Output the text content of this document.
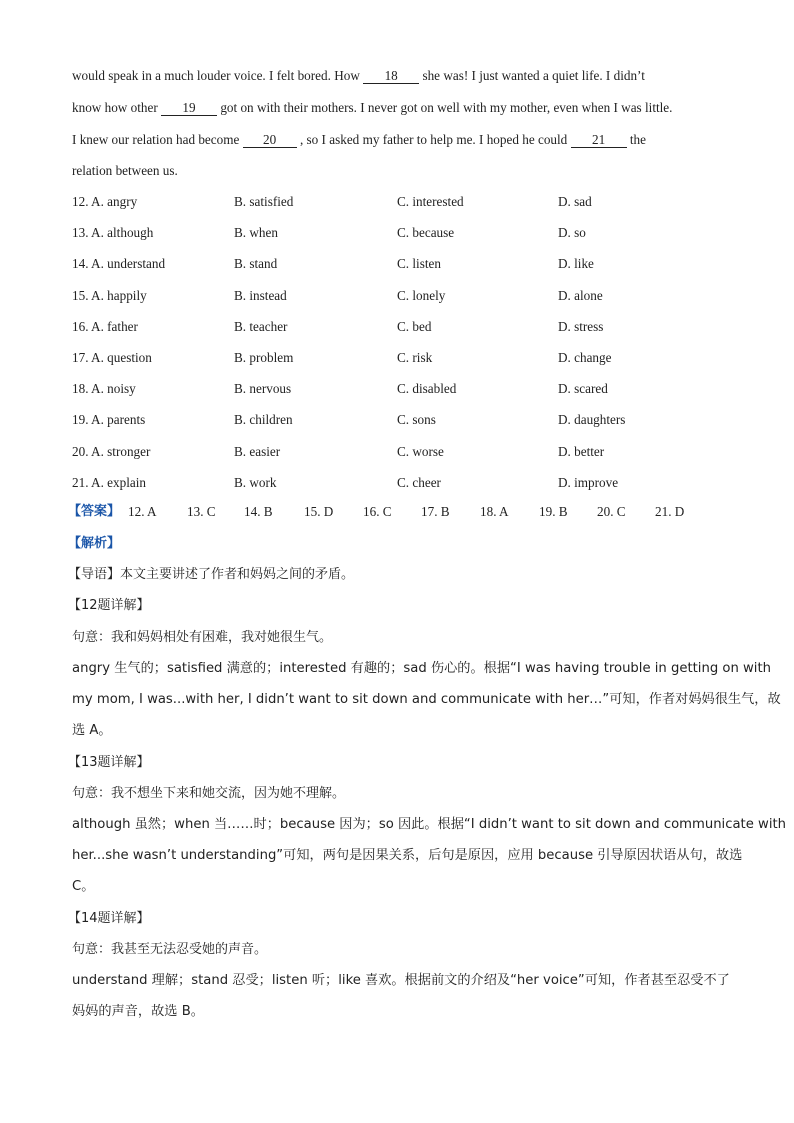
would speak in a much louder voice. I felt bored. How 18 she was! I just wanted a quiet life. I didn’t
know how other 19 got on with their mothers. I never got on well with my mother, even when I was little.
I knew our relation had become 20 , so I asked my father to help me. I hoped he could 21 the
relation between us.
12. A. angry	B. satisfied	C. interested	D. sad
13. A. although	B. when	C. because	D. so
14. A. understand	B. stand	C. listen	D. like
15. A. happily	B. instead	C. lonely	D. alone
16. A. father	B. teacher	C. bed	D. stress
17. A. question	B. problem	C. risk	D. change
18. A. noisy	B. nervous	C. disabled	D. scared
19. A. parents	B. children	C. sons	D. daughters
20. A. stronger	B. easier	C. worse	D. better
21. A. explain	B. work	C. cheer	D. improve
【答案】 12. A 13. C 14. B 15. D 16. C 17. B 18. A 19. B 20. C 21. D
【解析】
【导语】本文主要讲述了作者和妈妈之间的矛盾。
【12题详解】
句意：我和妈妈相处有困难，我对她很生气。
angry 生气的；satisfied 满意的；interested 有趣的；sad 伤心的。根据“I was having trouble in getting on with
my mom, I was...with her, I didn’t want to sit down and communicate with her…”可知，作者对妈妈很生气，故
选 A。
【13题详解】
句意：我不想坐下来和她交流，因为她不理解。
although 虽然；when 当……时；because 因为；so 因此。根据“I didn’t want to sit down and communicate with
her...she wasn’t understanding”可知，两句是因果关系，后句是原因，应用 because 引导原因状语从句，故选
C。
【14题详解】
句意：我甚至无法忍受她的声音。
understand 理解；stand 忍受；listen 听；like 喜欢。根据前文的介绍及“her voice”可知，作者甚至忍受不了
妈妈的声音，故选 B。
